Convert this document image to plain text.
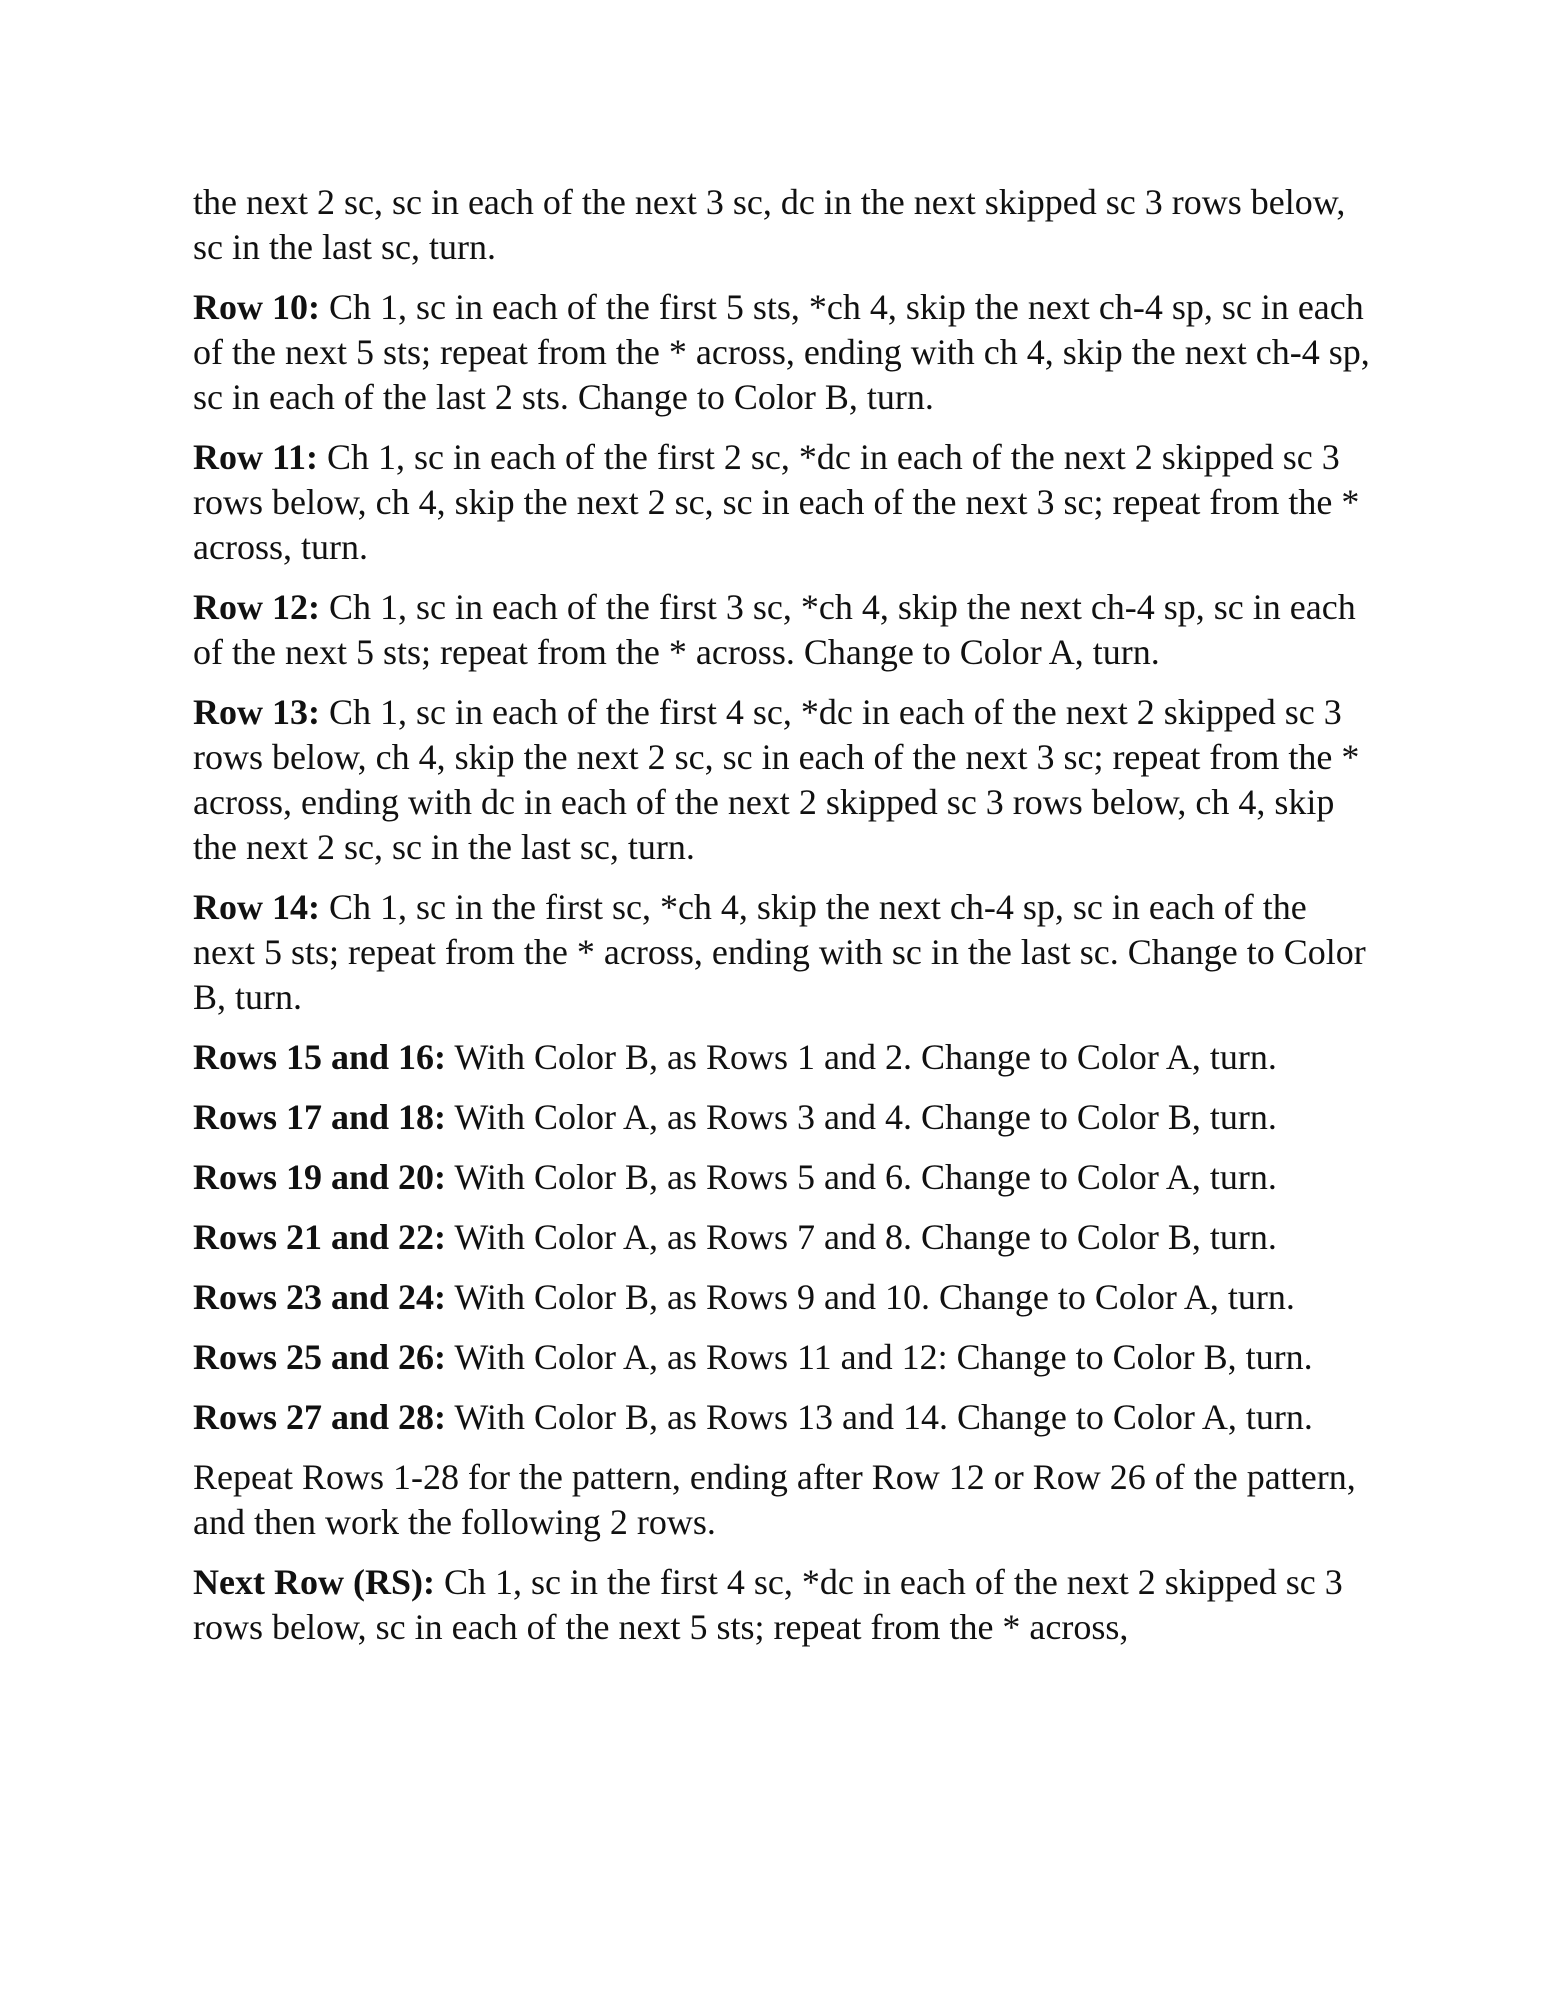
the next 2 sc, sc in each of the next 3 sc, dc in the next skipped sc 3 rows below, sc in the last sc, turn.

Row 10: Ch 1, sc in each of the first 5 sts, *ch 4, skip the next ch-4 sp, sc in each of the next 5 sts; repeat from the * across, ending with ch 4, skip the next ch-4 sp, sc in each of the last 2 sts. Change to Color B, turn.

Row 11: Ch 1, sc in each of the first 2 sc, *dc in each of the next 2 skipped sc 3 rows below, ch 4, skip the next 2 sc, sc in each of the next 3 sc; repeat from the * across, turn.

Row 12: Ch 1, sc in each of the first 3 sc, *ch 4, skip the next ch-4 sp, sc in each of the next 5 sts; repeat from the * across. Change to Color A, turn.

Row 13: Ch 1, sc in each of the first 4 sc, *dc in each of the next 2 skipped sc 3 rows below, ch 4, skip the next 2 sc, sc in each of the next 3 sc; repeat from the * across, ending with dc in each of the next 2 skipped sc 3 rows below, ch 4, skip the next 2 sc, sc in the last sc, turn.

Row 14: Ch 1, sc in the first sc, *ch 4, skip the next ch-4 sp, sc in each of the next 5 sts; repeat from the * across, ending with sc in the last sc. Change to Color B, turn.

Rows 15 and 16: With Color B, as Rows 1 and 2. Change to Color A, turn.

Rows 17 and 18: With Color A, as Rows 3 and 4. Change to Color B, turn.

Rows 19 and 20: With Color B, as Rows 5 and 6. Change to Color A, turn.

Rows 21 and 22: With Color A, as Rows 7 and 8. Change to Color B, turn.

Rows 23 and 24: With Color B, as Rows 9 and 10. Change to Color A, turn.

Rows 25 and 26: With Color A, as Rows 11 and 12: Change to Color B, turn.

Rows 27 and 28: With Color B, as Rows 13 and 14. Change to Color A, turn.

Repeat Rows 1-28 for the pattern, ending after Row 12 or Row 26 of the pattern, and then work the following 2 rows.

Next Row (RS): Ch 1, sc in the first 4 sc, *dc in each of the next 2 skipped sc 3 rows below, sc in each of the next 5 sts; repeat from the * across,
